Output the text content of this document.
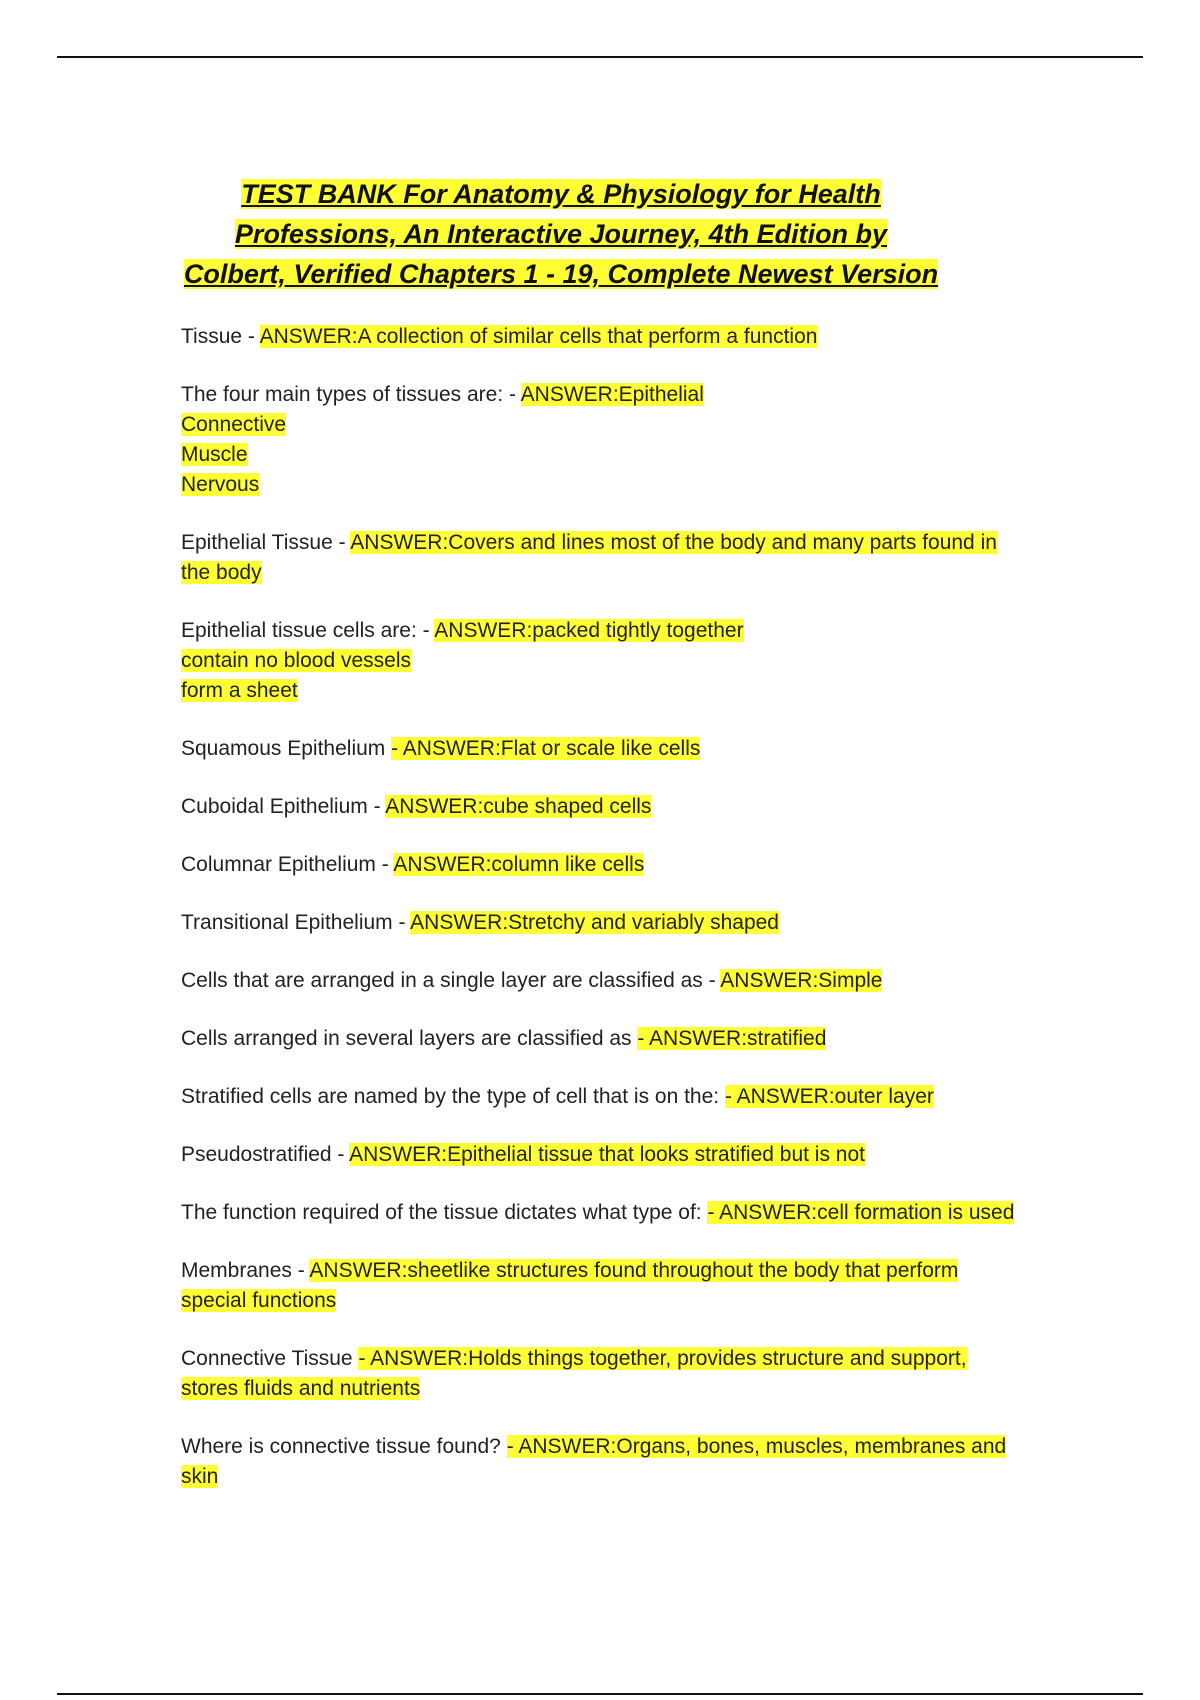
TEST BANK For Anatomy & Physiology for Health Professions, An Interactive Journey, 4th Edition by Colbert, Verified Chapters 1 - 19, Complete Newest Version

Tissue - ANSWER:A collection of similar cells that perform a function

The four main types of tissues are: - ANSWER:Epithelial
Connective
Muscle
Nervous

Epithelial Tissue - ANSWER:Covers and lines most of the body and many parts found in the body

Epithelial tissue cells are: - ANSWER:packed tightly together
contain no blood vessels
form a sheet

Squamous Epithelium - ANSWER:Flat or scale like cells

Cuboidal Epithelium - ANSWER:cube shaped cells

Columnar Epithelium - ANSWER:column like cells

Transitional Epithelium - ANSWER:Stretchy and variably shaped

Cells that are arranged in a single layer are classified as - ANSWER:Simple

Cells arranged in several layers are classified as - ANSWER:stratified

Stratified cells are named by the type of cell that is on the: - ANSWER:outer layer

Pseudostratified - ANSWER:Epithelial tissue that looks stratified but is not

The function required of the tissue dictates what type of: - ANSWER:cell formation is used

Membranes - ANSWER:sheetlike structures found throughout the body that perform special functions

Connective Tissue - ANSWER:Holds things together, provides structure and support, stores fluids and nutrients

Where is connective tissue found? - ANSWER:Organs, bones, muscles, membranes and skin
